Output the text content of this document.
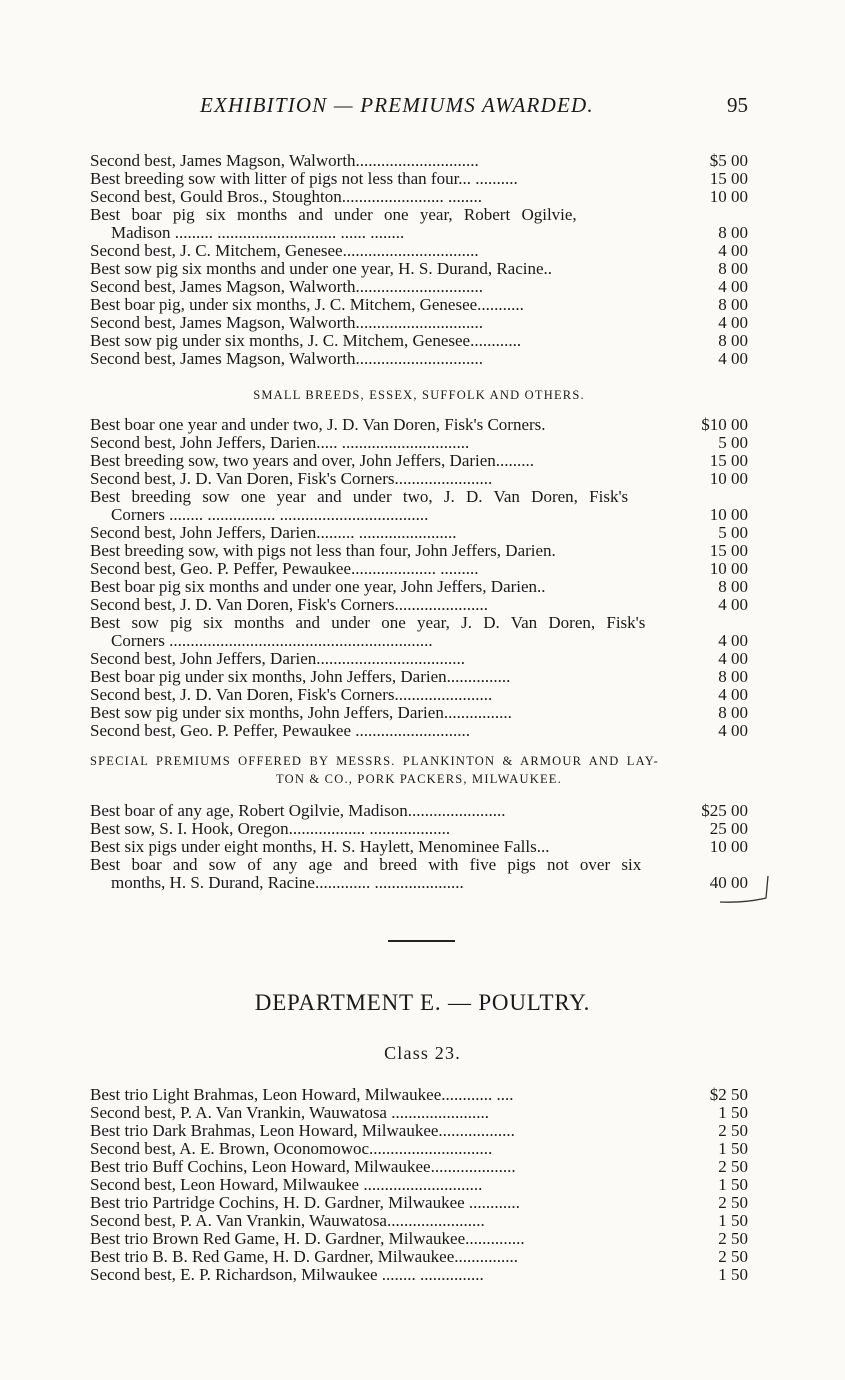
EXHIBITION — PREMIUMS AWARDED.	95
Second best, James Magson, Walworth.............................	$5 00
Best breeding sow with litter of pigs not less than four... ..........	15 00
Second best, Gould Bros., Stoughton........................ ........	10 00
Best boar pig six months and under one year, Robert Ogilvie,
Madison ......... ............................ ...... ........	8 00
Second best, J. C. Mitchem, Genesee................................	4 00
Best sow pig six months and under one year, H. S. Durand, Racine..	8 00
Second best, James Magson, Walworth..............................	4 00
Best boar pig, under six months, J. C. Mitchem, Genesee...........	8 00
Second best, James Magson, Walworth..............................	4 00
Best sow pig under six months, J. C. Mitchem, Genesee............	8 00
Second best, James Magson, Walworth..............................	4 00
SMALL BREEDS, ESSEX, SUFFOLK AND OTHERS.
Best boar one year and under two, J. D. Van Doren, Fisk's Corners.	$10 00
Second best, John Jeffers, Darien..... ..............................	5 00
Best breeding sow, two years and over, John Jeffers, Darien.........	15 00
Second best, J. D. Van Doren, Fisk's Corners.......................	10 00
Best breeding sow one year and under two, J. D. Van Doren, Fisk's
Corners ........ ................ ...................................	10 00
Second best, John Jeffers, Darien......... .......................	5 00
Best breeding sow, with pigs not less than four, John Jeffers, Darien.	15 00
Second best, Geo. P. Peffer, Pewaukee.................... .........	10 00
Best boar pig six months and under one year, John Jeffers, Darien..	8 00
Second best, J. D. Van Doren, Fisk's Corners......................	4 00
Best sow pig six months and under one year, J. D. Van Doren, Fisk's
Corners ..............................................................	4 00
Second best, John Jeffers, Darien...................................	4 00
Best boar pig under six months, John Jeffers, Darien...............	8 00
Second best, J. D. Van Doren, Fisk's Corners.......................	4 00
Best sow pig under six months, John Jeffers, Darien................	8 00
Second best, Geo. P. Peffer, Pewaukee ...........................	4 00
SPECIAL PREMIUMS OFFERED BY MESSRS. PLANKINTON & ARMOUR AND LAY-
TON & CO., PORK PACKERS, MILWAUKEE.
Best boar of any age, Robert Ogilvie, Madison.......................	$25 00
Best sow, S. I. Hook, Oregon.................. ...................	25 00
Best six pigs under eight months, H. S. Haylett, Menominee Falls...	10 00
Best boar and sow of any age and breed with five pigs not over six
months, H. S. Durand, Racine............. .....................	40 00
DEPARTMENT E. — POULTRY.
Class 23.
Best trio Light Brahmas, Leon Howard, Milwaukee............ ....	$2 50
Second best, P. A. Van Vrankin, Wauwatosa .......................	1 50
Best trio Dark Brahmas, Leon Howard, Milwaukee..................	2 50
Second best, A. E. Brown, Oconomowoc.............................	1 50
Best trio Buff Cochins, Leon Howard, Milwaukee....................	2 50
Second best, Leon Howard, Milwaukee ............................	1 50
Best trio Partridge Cochins, H. D. Gardner, Milwaukee ............	2 50
Second best, P. A. Van Vrankin, Wauwatosa.......................	1 50
Best trio Brown Red Game, H. D. Gardner, Milwaukee..............	2 50
Best trio B. B. Red Game, H. D. Gardner, Milwaukee...............	2 50
Second best, E. P. Richardson, Milwaukee ........ ...............	1 50
